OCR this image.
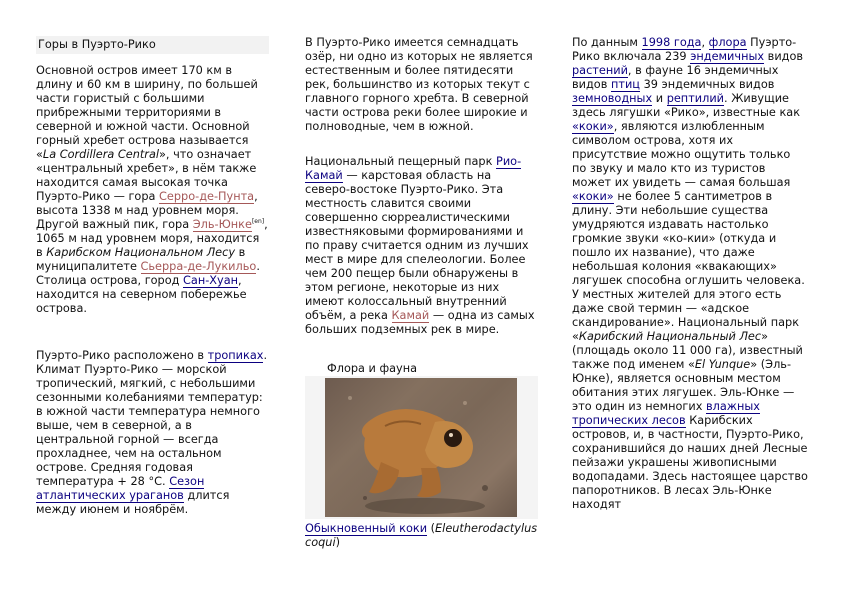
Горы в Пуэрто-Рико

Основной остров имеет 170 км в длину и 60 км в ширину, по большей части гористый с большими прибрежными территориями в северной и южной части. Основной горный хребет острова называется «La Cordillera Central», что означает «центральный хребет», в нём также находится самая высокая точка Пуэрто-Рико — гора Серро-де-Пунта, высота 1338 м над уровнем моря. Другой важный пик, гора Эль-Юнке[en], 1065 м над уровнем моря, находится в Карибском Национальном Лесу в муниципалитете Сьерра-де-Лукильо. Столица острова, город Сан-Хуан, находится на северном побережье острова.

Пуэрто-Рико расположено в тропиках. Климат Пуэрто-Рико — морской тропический, мягкий, с небольшими сезонными колебаниями температур: в южной части температура немного выше, чем в северной, а в центральной горной — всегда прохладнее, чем на остальном острове. Средняя годовая температура + 28 °C. Сезон атлантических ураганов длится между июнем и ноябрём.

В Пуэрто-Рико имеется семнадцать озёр, ни одно из которых не является естественным и более пятидесяти рек, большинство из которых текут с главного горного хребта. В северной части острова реки более широкие и полноводные, чем в южной.

Национальный пещерный парк Рио-Камай — карстовая область на северо-востоке Пуэрто-Рико. Эта местность славится своими совершенно сюрреалистическими известняковыми формированиями и по праву считается одним из лучших мест в мире для спелеологии. Более чем 200 пещер были обнаружены в этом регионе, некоторые из них имеют колоссальный внутренний объём, а река Камай — одна из самых больших подземных рек в мире.

Флора и фауна

Обыкновенный коки (Eleutherodactylus coqui)

По данным 1998 года, флора Пуэрто-Рико включала 239 эндемичных видов растений, в фауне 16 эндемичных видов птиц 39 эндемичных видов земноводных и рептилий. Живущие здесь лягушки «Рико», известные как «коки», являются излюбленным символом острова, хотя их присутствие можно ощутить только по звуку и мало кто из туристов может их увидеть — самая большая «коки» не более 5 сантиметров в длину. Эти небольшие существа умудряются издавать настолько громкие звуки «ко-кии» (откуда и пошло их название), что даже небольшая колония «квакающих» лягушек способна оглушить человека. У местных жителей для этого есть даже свой термин — «адское скандирование». Национальный парк «Карибский Национальный Лес» (площадь около 11 000 га), известный также под именем «El Yunque» (Эль-Юнке), является основным местом обитания этих лягушек. Эль-Юнке — это один из немногих влажных тропических лесов Карибских островов, и, в частности, Пуэрто-Рико, сохранившийся до наших дней Лесные пейзажи украшены живописными водопадами. Здесь настоящее царство папоротников. В лесах Эль-Юнке находят
